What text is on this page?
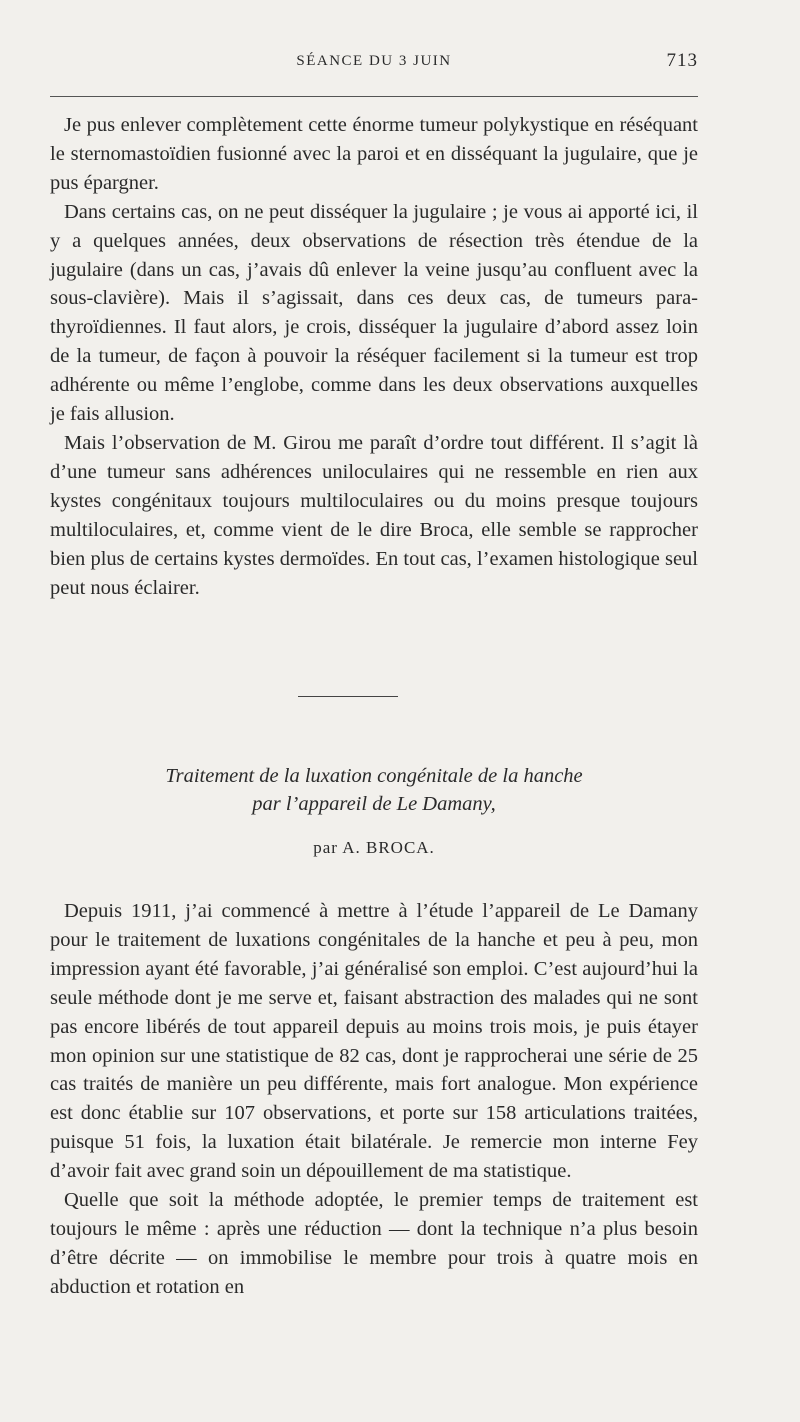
SÉANCE DU 3 JUIN	713

Je pus enlever complètement cette énorme tumeur polykystique en réséquant le sternomastoïdien fusionné avec la paroi et en disséquant la jugulaire, que je pus épargner.

Dans certains cas, on ne peut disséquer la jugulaire ; je vous ai apporté ici, il y a quelques années, deux observations de résection très étendue de la jugulaire (dans un cas, j’avais dû enlever la veine jusqu’au confluent avec la sous-clavière). Mais il s’agissait, dans ces deux cas, de tumeurs para-thyroïdiennes. Il faut alors, je crois, disséquer la jugulaire d’abord assez loin de la tumeur, de façon à pouvoir la réséquer facilement si la tumeur est trop adhérente ou même l’englobe, comme dans les deux observations auxquelles je fais allusion.

Mais l’observation de M. Girou me paraît d’ordre tout différent. Il s’agit là d’une tumeur sans adhérences uniloculaires qui ne ressemble en rien aux kystes congénitaux toujours multiloculaires ou du moins presque toujours multiloculaires, et, comme vient de le dire Broca, elle semble se rapprocher bien plus de certains kystes dermoïdes. En tout cas, l’examen histologique seul peut nous éclairer.

Traitement de la luxation congénitale de la hanche
par l’appareil de Le Damany,
par A. BROCA.

Depuis 1911, j’ai commencé à mettre à l’étude l’appareil de Le Damany pour le traitement de luxations congénitales de la hanche et peu à peu, mon impression ayant été favorable, j’ai généralisé son emploi. C’est aujourd’hui la seule méthode dont je me serve et, faisant abstraction des malades qui ne sont pas encore libérés de tout appareil depuis au moins trois mois, je puis étayer mon opinion sur une statistique de 82 cas, dont je rapprocherai une série de 25 cas traités de manière un peu différente, mais fort analogue. Mon expérience est donc établie sur 107 observations, et porte sur 158 articulations traitées, puisque 51 fois, la luxation était bilatérale. Je remercie mon interne Fey d’avoir fait avec grand soin un dépouillement de ma statistique.

Quelle que soit la méthode adoptée, le premier temps de traitement est toujours le même : après une réduction — dont la technique n’a plus besoin d’être décrite — on immobilise le membre pour trois à quatre mois en abduction et rotation en
